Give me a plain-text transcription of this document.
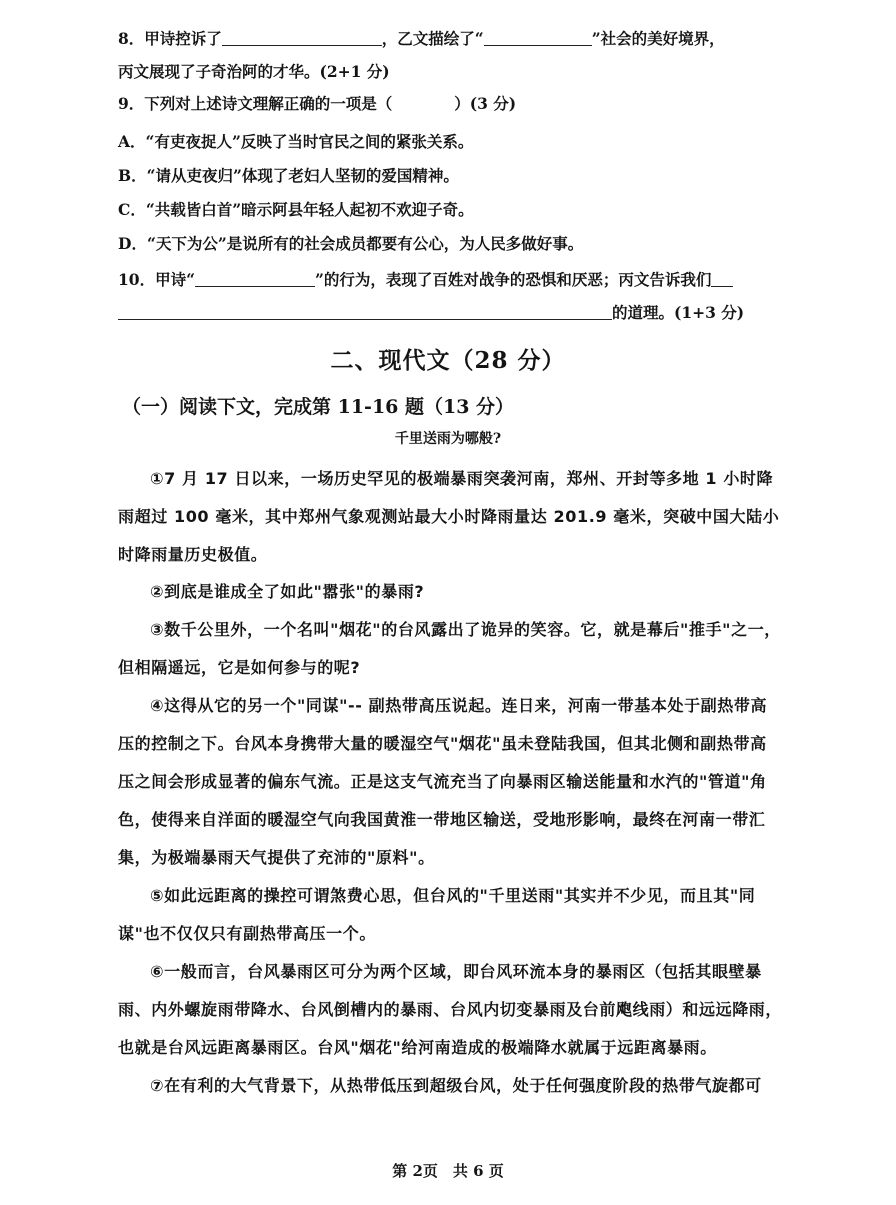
8．甲诗控诉了	，乙文描绘了“	”社会的美好境界，
丙文展现了子奇治阿的才华。(2+1 分)
9．下列对上述诗文理解正确的一项是（	）(3 分)
A．“有吏夜捉人”反映了当时官民之间的紧张关系。
B．“请从吏夜归”体现了老妇人坚韧的爱国精神。
C．“共载皆白首”暗示阿县年轻人起初不欢迎子奇。
D．“天下为公”是说所有的社会成员都要有公心，为人民多做好事。
10．甲诗“	”的行为，表现了百姓对战争的恐惧和厌恶；丙文告诉我们
的道理。(1+3 分)
二、现代文（28 分）
（一）阅读下文，完成第 11-16 题（13 分）
千里送雨为哪般?

①7 月 17 日以来，一场历史罕见的极端暴雨突袭河南，郑州、开封等多地 1 小时降雨超过 100 毫米，其中郑州气象观测站最大小时降雨量达 201.9 毫米，突破中国大陆小时降雨量历史极值。

②到底是谁成全了如此"嚣张"的暴雨?

③数千公里外，一个名叫"烟花"的台风露出了诡异的笑容。它，就是幕后"推手"之一，但相隔遥远，它是如何参与的呢?

④这得从它的另一个"同谋"-- 副热带高压说起。连日来，河南一带基本处于副热带高压的控制之下。台风本身携带大量的暖湿空气"烟花"虽未登陆我国，但其北侧和副热带高压之间会形成显著的偏东气流。正是这支气流充当了向暴雨区输送能量和水汽的"管道"角色，使得来自洋面的暖湿空气向我国黄淮一带地区输送，受地形影响，最终在河南一带汇集，为极端暴雨天气提供了充沛的"原料"。

⑤如此远距离的操控可谓煞费心思，但台风的"千里送雨"其实并不少见，而且其"同谋"也不仅仅只有副热带高压一个。

⑥一般而言，台风暴雨区可分为两个区域，即台风环流本身的暴雨区（包括其眼壁暴雨、内外螺旋雨带降水、台风倒槽内的暴雨、台风内切变暴雨及台前飑线雨）和远远降雨，也就是台风远距离暴雨区。台风"烟花"给河南造成的极端降水就属于远距离暴雨。

⑦在有利的大气背景下，从热带低压到超级台风，处于任何强度阶段的热带气旋都可

第 2页　共 6 页
